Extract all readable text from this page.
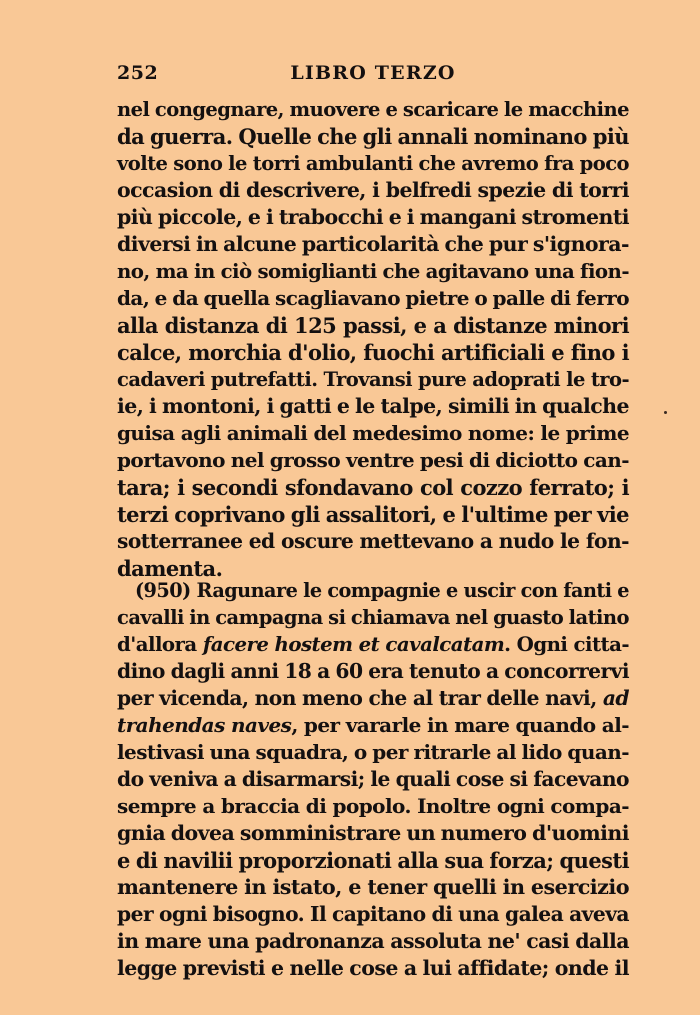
252	LIBRO TERZO
nel congegnare, muovere e scaricare le macchine
da guerra. Quelle che gli annali nominano più
volte sono le torri ambulanti che avremo fra poco
occasion di descrivere, i belfredi spezie di torri
più piccole, e i trabocchi e i mangani stromenti
diversi in alcune particolarità che pur s'ignora-
no, ma in ciò somiglianti che agitavano una fion-
da, e da quella scagliavano pietre o palle di ferro
alla distanza di 125 passi, e a distanze minori
calce, morchia d'olio, fuochi artificiali e fino i
cadaveri putrefatti. Trovansi pure adoprati le tro-
ie, i montoni, i gatti e le talpe, simili in qualche
guisa agli animali del medesimo nome: le prime
portavono nel grosso ventre pesi di diciotto can-
tara; i secondi sfondavano col cozzo ferrato; i
terzi coprivano gli assalitori, e l'ultime per vie
sotterranee ed oscure mettevano a nudo le fon-
damenta.
(950) Ragunare le compagnie e uscir con fanti e
cavalli in campagna si chiamava nel guasto latino
d'allora facere hostem et cavalcatam. Ogni citta-
dino dagli anni 18 a 60 era tenuto a concorrervi
per vicenda, non meno che al trar delle navi, ad
trahendas naves, per vararle in mare quando al-
lestivasi una squadra, o per ritrarle al lido quan-
do veniva a disarmarsi; le quali cose si facevano
sempre a braccia di popolo. Inoltre ogni compa-
gnia dovea somministrare un numero d'uomini
e di navilii proporzionati alla sua forza; questi
mantenere in istato, e tener quelli in esercizio
per ogni bisogno. Il capitano di una galea aveva
in mare una padronanza assoluta ne' casi dalla
legge previsti e nelle cose a lui affidate; onde il
